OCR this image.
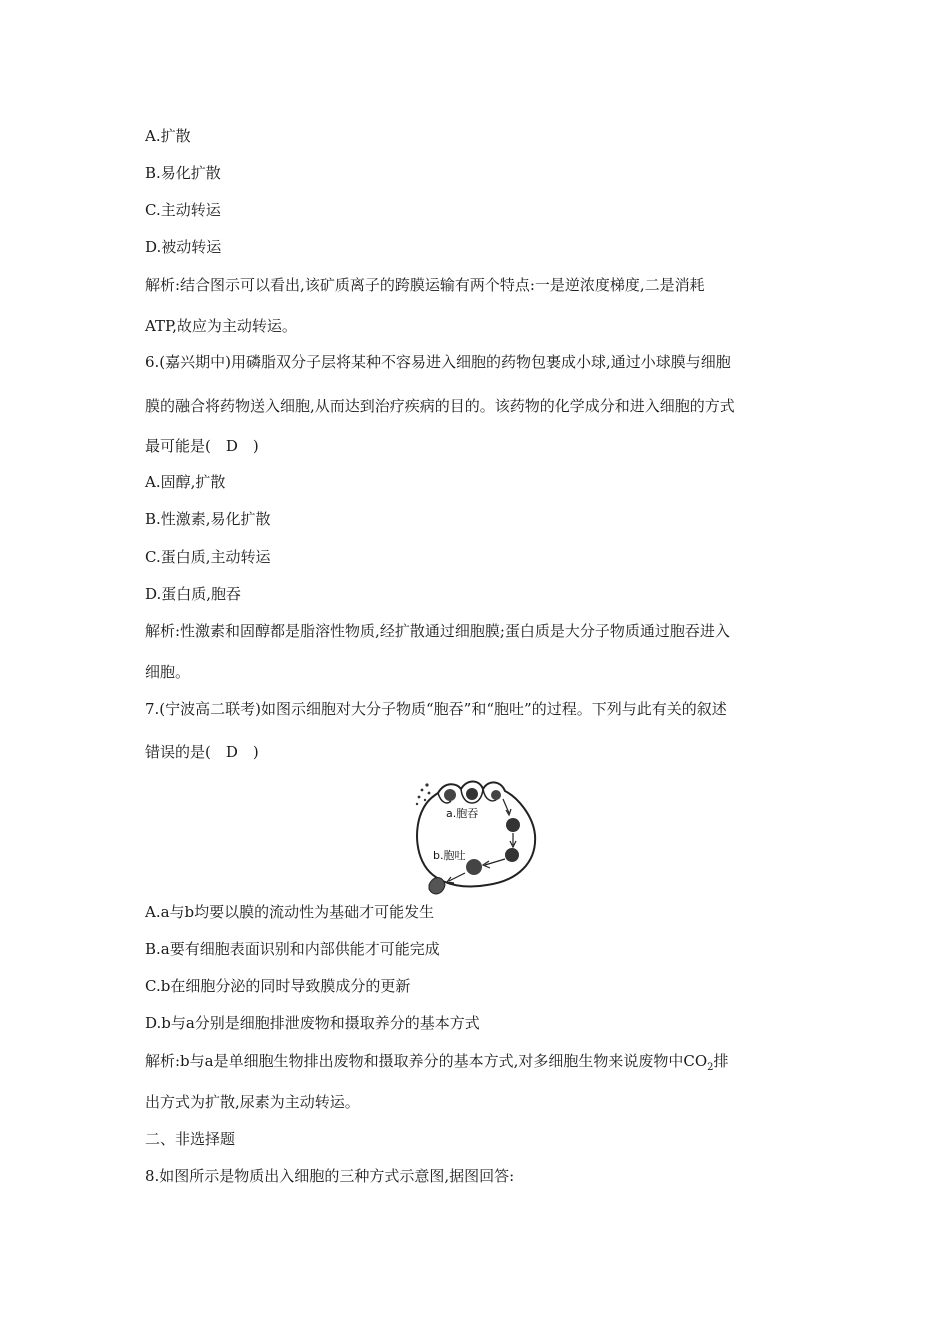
A.扩散
B.易化扩散
C.主动转运
D.被动转运
解析:结合图示可以看出,该矿质离子的跨膜运输有两个特点:一是逆浓度梯度,二是消耗
ATP,故应为主动转运。
6.(嘉兴期中)用磷脂双分子层将某种不容易进入细胞的药物包裹成小球,通过小球膜与细胞
膜的融合将药物送入细胞,从而达到治疗疾病的目的。该药物的化学成分和进入细胞的方式
最可能是(　D　)
A.固醇,扩散
B.性激素,易化扩散
C.蛋白质,主动转运
D.蛋白质,胞吞
解析:性激素和固醇都是脂溶性物质,经扩散通过细胞膜;蛋白质是大分子物质通过胞吞进入
细胞。
7.(宁波高二联考)如图示细胞对大分子物质“胞吞”和“胞吐”的过程。下列与此有关的叙述
错误的是(　D　)
a.胞吞
b.胞吐
A.a与b均要以膜的流动性为基础才可能发生
B.a要有细胞表面识别和内部供能才可能完成
C.b在细胞分泌的同时导致膜成分的更新
D.b与a分别是细胞排泄废物和摄取养分的基本方式
解析:b与a是单细胞生物排出废物和摄取养分的基本方式,对多细胞生物来说废物中$CO_2$排
出方式为扩散,尿素为主动转运。
二、非选择题
8.如图所示是物质出入细胞的三种方式示意图,据图回答:
